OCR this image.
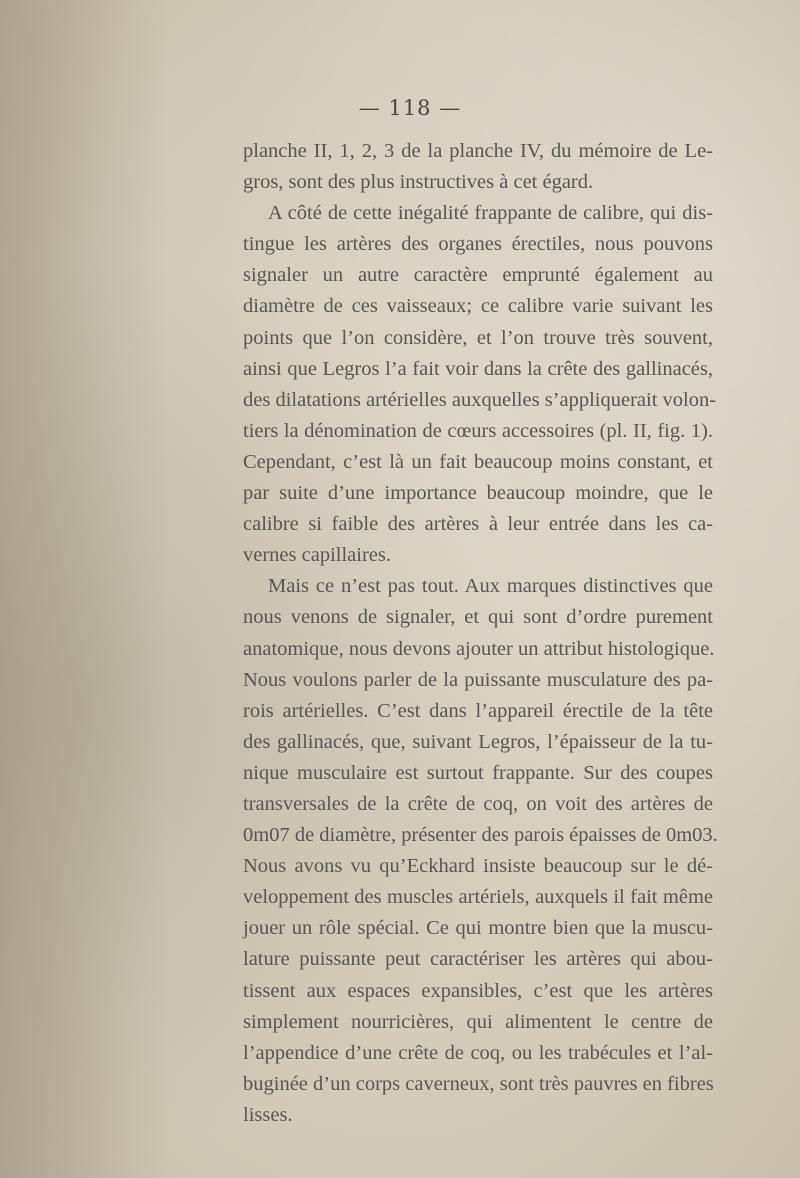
— 118 —

planche II, 1, 2, 3 de la planche IV, du mémoire de Le-
gros, sont des plus instructives à cet égard.

A côté de cette inégalité frappante de calibre, qui dis-
tingue les artères des organes érectiles, nous pouvons
signaler un autre caractère emprunté également au
diamètre de ces vaisseaux; ce calibre varie suivant les
points que l’on considère, et l’on trouve très souvent,
ainsi que Legros l’a fait voir dans la crête des gallinacés,
des dilatations artérielles auxquelles s’appliquerait volon-
tiers la dénomination de cœurs accessoires (pl. II, fig. 1).
Cependant, c’est là un fait beaucoup moins constant, et
par suite d’une importance beaucoup moindre, que le
calibre si faible des artères à leur entrée dans les ca-
vernes capillaires.

Mais ce n’est pas tout. Aux marques distinctives que
nous venons de signaler, et qui sont d’ordre purement
anatomique, nous devons ajouter un attribut histologique.
Nous voulons parler de la puissante musculature des pa-
rois artérielles. C’est dans l’appareil érectile de la tête
des gallinacés, que, suivant Legros, l’épaisseur de la tu-
nique musculaire est surtout frappante. Sur des coupes
transversales de la crête de coq, on voit des artères de
0m07 de diamètre, présenter des parois épaisses de 0m03.
Nous avons vu qu’Eckhard insiste beaucoup sur le dé-
veloppement des muscles artériels, auxquels il fait même
jouer un rôle spécial. Ce qui montre bien que la muscu-
lature puissante peut caractériser les artères qui abou-
tissent aux espaces expansibles, c’est que les artères
simplement nourricières, qui alimentent le centre de
l’appendice d’une crête de coq, ou les trabécules et l’al-
buginée d’un corps caverneux, sont très pauvres en fibres
lisses.
